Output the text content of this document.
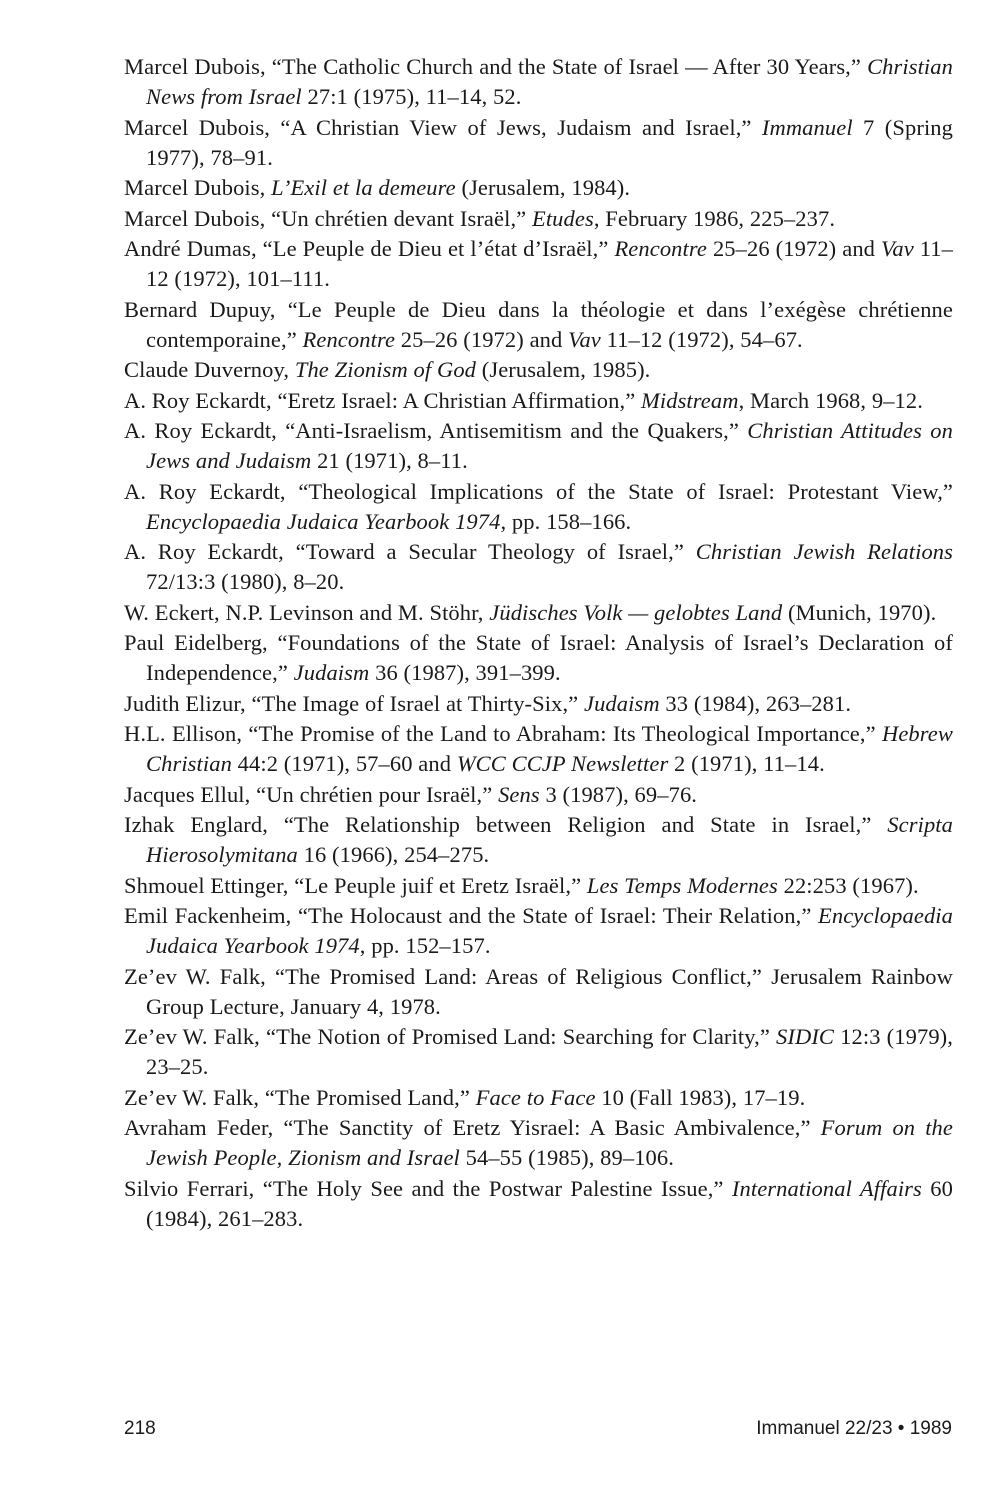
Marcel Dubois, “The Catholic Church and the State of Israel — After 30 Years,” Christian News from Israel 27:1 (1975), 11–14, 52.
Marcel Dubois, “A Christian View of Jews, Judaism and Israel,” Immanuel 7 (Spring 1977), 78–91.
Marcel Dubois, L’Exil et la demeure (Jerusalem, 1984).
Marcel Dubois, “Un chrétien devant Israël,” Etudes, February 1986, 225–237.
André Dumas, “Le Peuple de Dieu et l’état d’Israël,” Rencontre 25–26 (1972) and Vav 11–12 (1972), 101–111.
Bernard Dupuy, “Le Peuple de Dieu dans la théologie et dans l’exégèse chrétienne contemporaine,” Rencontre 25–26 (1972) and Vav 11–12 (1972), 54–67.
Claude Duvernoy, The Zionism of God (Jerusalem, 1985).
A. Roy Eckardt, “Eretz Israel: A Christian Affirmation,” Midstream, March 1968, 9–12.
A. Roy Eckardt, “Anti-Israelism, Antisemitism and the Quakers,” Christian Attitudes on Jews and Judaism 21 (1971), 8–11.
A. Roy Eckardt, “Theological Implications of the State of Israel: Protestant View,” Encyclopaedia Judaica Yearbook 1974, pp. 158–166.
A. Roy Eckardt, “Toward a Secular Theology of Israel,” Christian Jewish Relations 72/13:3 (1980), 8–20.
W. Eckert, N.P. Levinson and M. Stöhr, Jüdisches Volk — gelobtes Land (Munich, 1970).
Paul Eidelberg, “Foundations of the State of Israel: Analysis of Israel’s Declaration of Independence,” Judaism 36 (1987), 391–399.
Judith Elizur, “The Image of Israel at Thirty-Six,” Judaism 33 (1984), 263–281.
H.L. Ellison, “The Promise of the Land to Abraham: Its Theological Importance,” Hebrew Christian 44:2 (1971), 57–60 and WCC CCJP Newsletter 2 (1971), 11–14.
Jacques Ellul, “Un chrétien pour Israël,” Sens 3 (1987), 69–76.
Izhak Englard, “The Relationship between Religion and State in Israel,” Scripta Hierosolymitana 16 (1966), 254–275.
Shmouel Ettinger, “Le Peuple juif et Eretz Israël,” Les Temps Modernes 22:253 (1967).
Emil Fackenheim, “The Holocaust and the State of Israel: Their Relation,” Encyclopaedia Judaica Yearbook 1974, pp. 152–157.
Ze’ev W. Falk, “The Promised Land: Areas of Religious Conflict,” Jerusalem Rainbow Group Lecture, January 4, 1978.
Ze’ev W. Falk, “The Notion of Promised Land: Searching for Clarity,” SIDIC 12:3 (1979), 23–25.
Ze’ev W. Falk, “The Promised Land,” Face to Face 10 (Fall 1983), 17–19.
Avraham Feder, “The Sanctity of Eretz Yisrael: A Basic Ambivalence,” Forum on the Jewish People, Zionism and Israel 54–55 (1985), 89–106.
Silvio Ferrari, “The Holy See and the Postwar Palestine Issue,” International Affairs 60 (1984), 261–283.
218	Immanuel 22/23 • 1989
